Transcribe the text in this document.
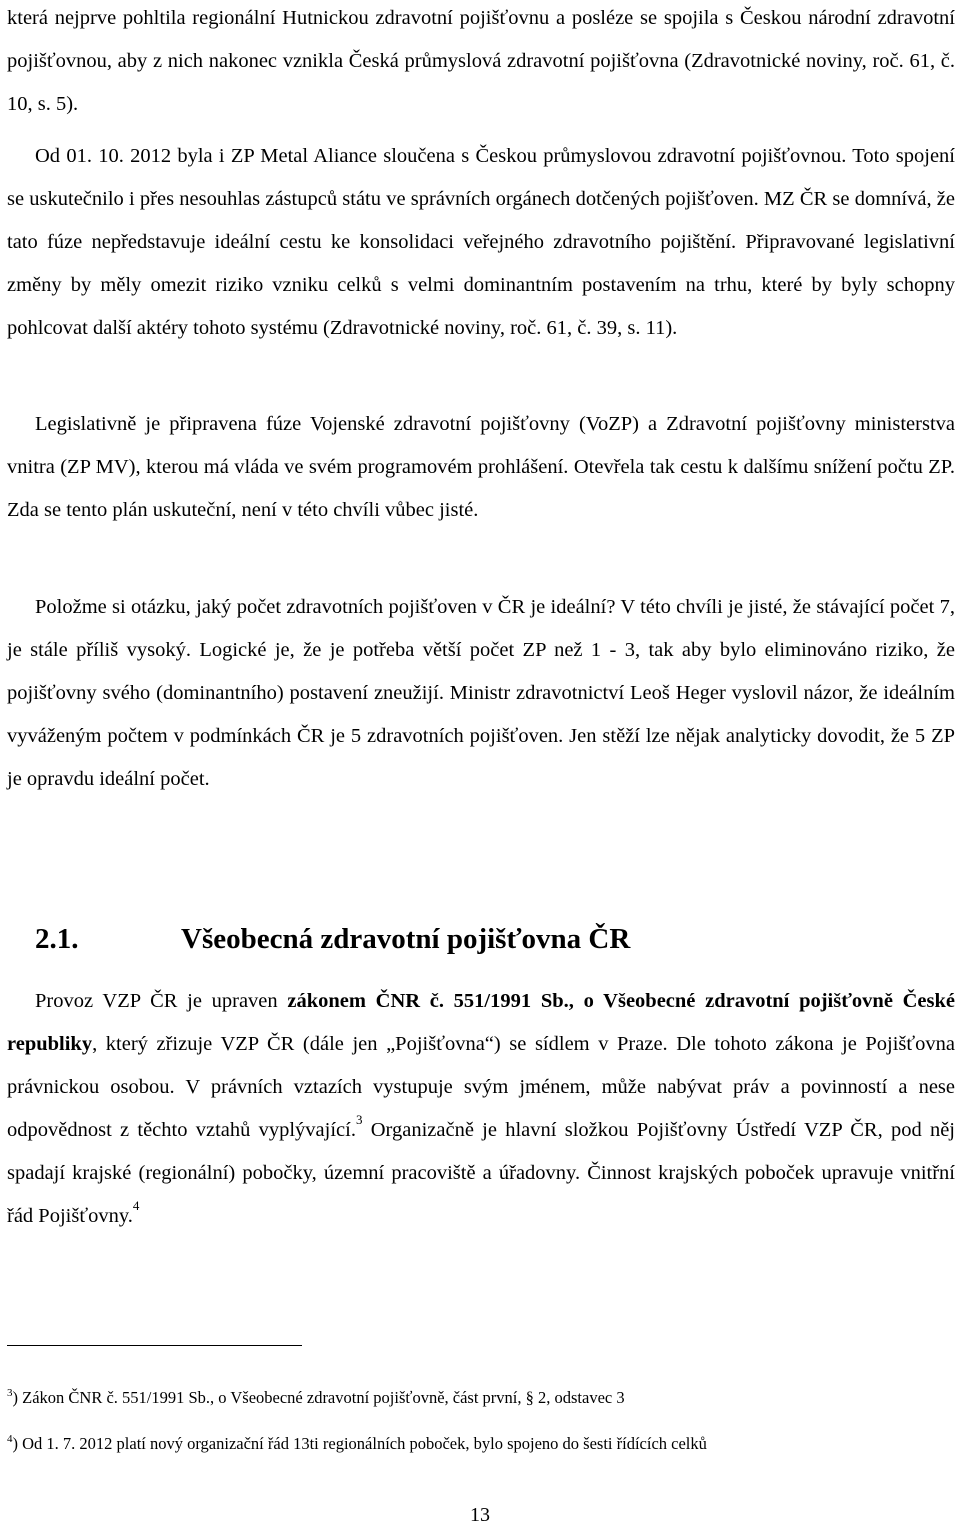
která nejprve pohltila regionální Hutnickou zdravotní pojišťovnu a posléze se spojila s Českou národní zdravotní pojišťovnou, aby z nich nakonec vznikla Česká průmyslová zdravotní pojišťovna (Zdravotnické noviny, roč. 61, č. 10, s. 5).

Od 01. 10. 2012 byla i ZP Metal Aliance sloučena s Českou průmyslovou zdravotní pojišťovnou. Toto spojení se uskutečnilo i přes nesouhlas zástupců státu ve správních orgánech dotčených pojišťoven. MZ ČR se domnívá, že tato fúze nepředstavuje ideální cestu ke konsolidaci veřejného zdravotního pojištění. Připravované legislativní změny by měly omezit riziko vzniku celků s velmi dominantním postavením na trhu, které by byly schopny pohlcovat další aktéry tohoto systému (Zdravotnické noviny, roč. 61, č. 39, s. 11).

Legislativně je připravena fúze Vojenské zdravotní pojišťovny (VoZP) a Zdravotní pojišťovny ministerstva vnitra (ZP MV), kterou má vláda ve svém programovém prohlášení. Otevřela tak cestu k dalšímu snížení počtu ZP. Zda se tento plán uskuteční, není v této chvíli vůbec jisté.

Položme si otázku, jaký počet zdravotních pojišťoven v ČR je ideální? V této chvíli je jisté, že stávající počet 7, je stále příliš vysoký. Logické je, že je potřeba větší počet ZP než 1 - 3, tak aby bylo eliminováno riziko, že pojišťovny svého (dominantního) postavení zneužijí. Ministr zdravotnictví Leoš Heger vyslovil názor, že ideálním vyváženým počtem v podmínkách ČR je 5 zdravotních pojišťoven. Jen stěží lze nějak analyticky dovodit, že 5 ZP je opravdu ideální počet.

2.1.	Všeobecná zdravotní pojišťovna ČR

Provoz VZP ČR je upraven zákonem ČNR č. 551/1991 Sb., o Všeobecné zdravotní pojišťovně České republiky, který zřizuje VZP ČR (dále jen „Pojišťovna“) se sídlem v Praze. Dle tohoto zákona je Pojišťovna právnickou osobou. V právních vztazích vystupuje svým jménem, může nabývat práv a povinností a nese odpovědnost z těchto vztahů vyplývající.$^3$ Organizačně je hlavní složkou Pojišťovny Ústředí VZP ČR, pod něj spadají krajské (regionální) pobočky, územní pracoviště a úřadovny. Činnost krajských poboček upravuje vnitřní řád Pojišťovny.$^4$

$^3$) Zákon ČNR č. 551/1991 Sb., o Všeobecné zdravotní pojišťovně, část první, § 2, odstavec 3

$^4$) Od 1. 7. 2012 platí nový organizační řád 13ti regionálních poboček, bylo spojeno do šesti řídících celků

13
